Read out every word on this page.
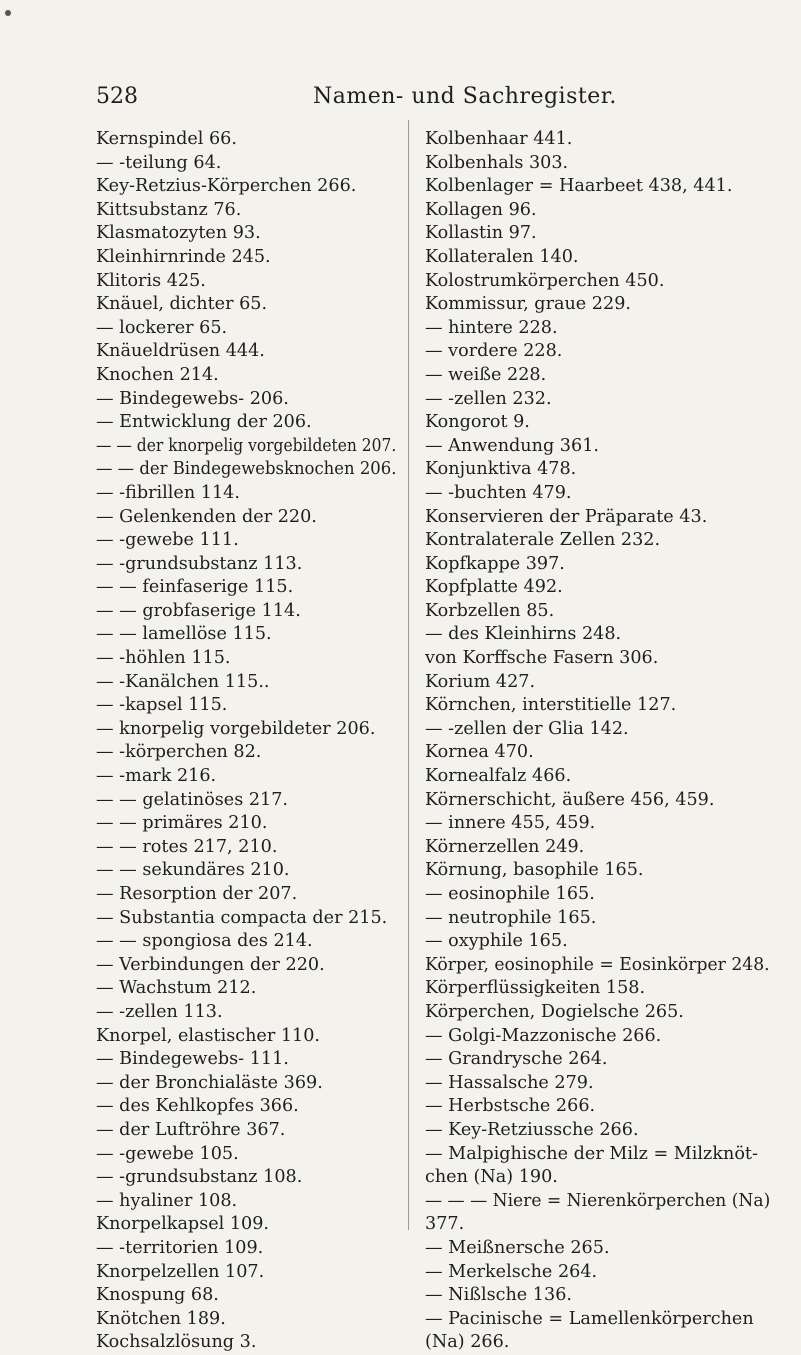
528	Namen- und Sachregister.
Kernspindel 66.
— -teilung 64.
Key-Retzius-Körperchen 266.
Kittsubstanz 76.
Klasmatozyten 93.
Kleinhirnrinde 245.
Klitoris 425.
Knäuel, dichter 65.
— lockerer 65.
Knäueldrüsen 444.
Knochen 214.
— Bindegewebs- 206.
— Entwicklung der 206.
— — der knorpelig vorgebildeten 207.
— — der Bindegewebsknochen 206.
— -fibrillen 114.
— Gelenkenden der 220.
— -gewebe 111.
— -grundsubstanz 113.
— — feinfaserige 115.
— — grobfaserige 114.
— — lamellöse 115.
— -höhlen 115.
— -Kanälchen 115..
— -kapsel 115.
— knorpelig vorgebildeter 206.
— -körperchen 82.
— -mark 216.
— — gelatinöses 217.
— — primäres 210.
— — rotes 217, 210.
— — sekundäres 210.
— Resorption der 207.
— Substantia compacta der 215.
— — spongiosa des 214.
— Verbindungen der 220.
— Wachstum 212.
— -zellen 113.
Knorpel, elastischer 110.
— Bindegewebs- 111.
— der Bronchialäste 369.
— des Kehlkopfes 366.
— der Luftröhre 367.
— -gewebe 105.
— -grundsubstanz 108.
— hyaliner 108.
Knorpelkapsel 109.
— -territorien 109.
Knorpelzellen 107.
Knospung 68.
Knötchen 189.
Kochsalzlösung 3.
Kolbenhaar 441.
Kolbenhals 303.
Kolbenlager = Haarbeet 438, 441.
Kollagen 96.
Kollastin 97.
Kollateralen 140.
Kolostrumkörperchen 450.
Kommissur, graue 229.
— hintere 228.
— vordere 228.
— weiße 228.
— -zellen 232.
Kongorot 9.
— Anwendung 361.
Konjunktiva 478.
— -buchten 479.
Konservieren der Präparate 43.
Kontralaterale Zellen 232.
Kopfkappe 397.
Kopfplatte 492.
Korbzellen 85.
— des Kleinhirns 248.
von Korffsche Fasern 306.
Korium 427.
Körnchen, interstitielle 127.
— -zellen der Glia 142.
Kornea 470.
Kornealfalz 466.
Körnerschicht, äußere 456, 459.
— innere 455, 459.
Körnerzellen 249.
Körnung, basophile 165.
— eosinophile 165.
— neutrophile 165.
— oxyphile 165.
Körper, eosinophile = Eosinkörper 248.
Körperflüssigkeiten 158.
Körperchen, Dogielsche 265.
— Golgi-Mazzonische 266.
— Grandrysche 264.
— Hassalsche 279.
— Herbstsche 266.
— Key-Retziussche 266.
— Malpighische der Milz = Milzknöt-
chen (Na) 190.
— — — Niere = Nierenkörperchen (Na)
377.
— Meißnersche 265.
— Merkelsche 264.
— Nißlsche 136.
— Pacinische = Lamellenkörperchen
(Na) 266.
